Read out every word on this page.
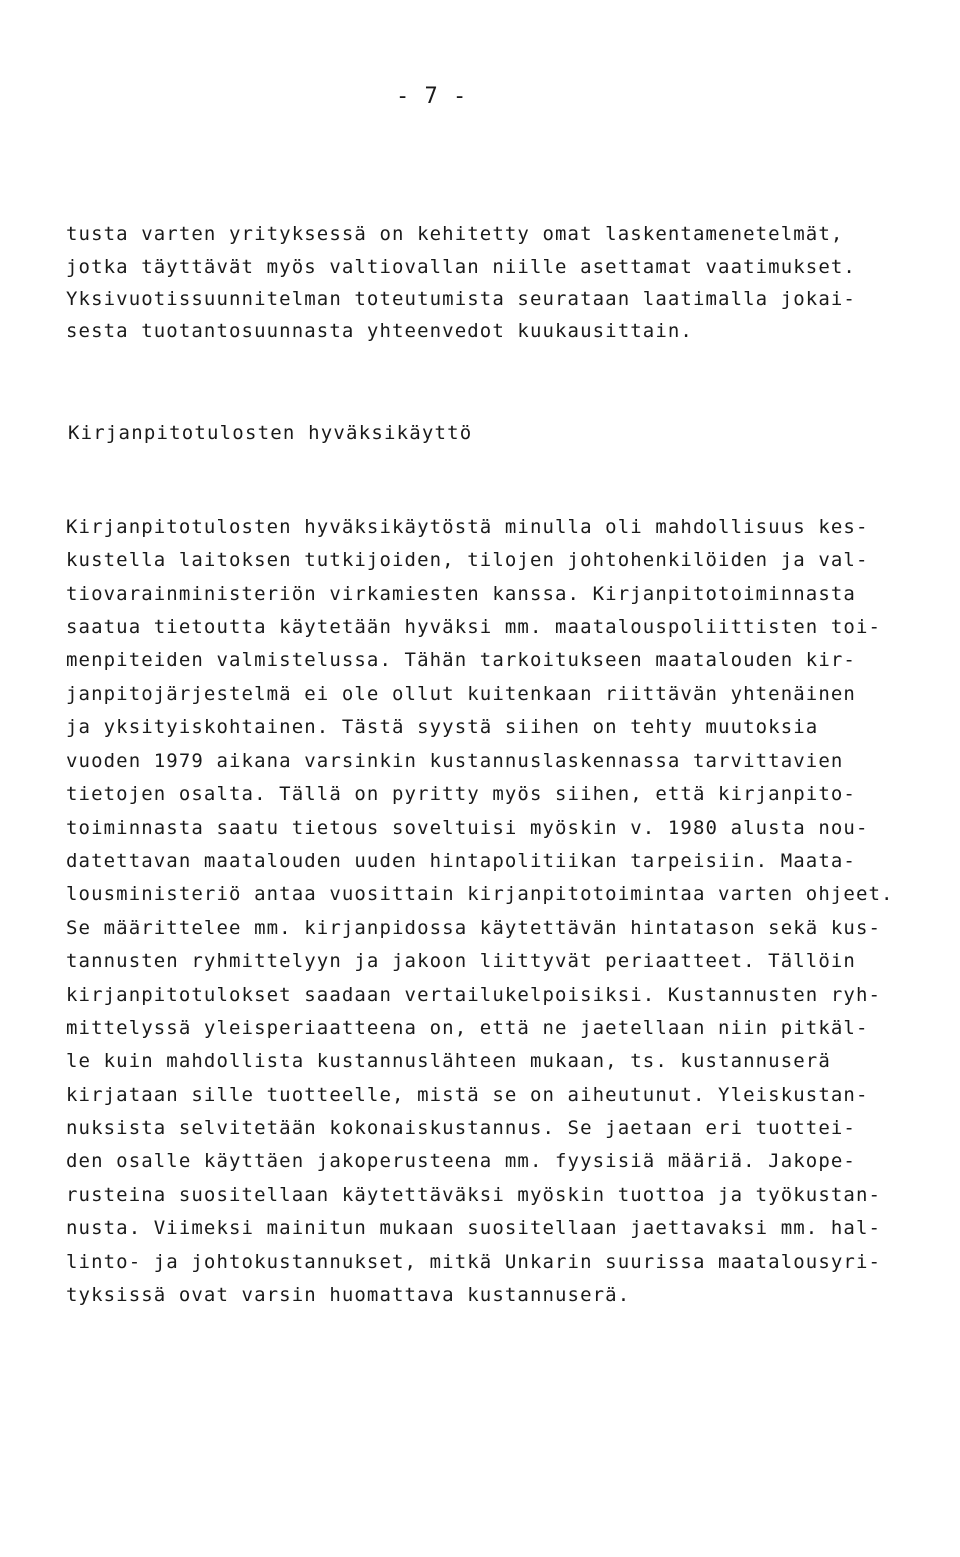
- 7 -
tusta varten yrityksessä on kehitetty omat laskentamenetelmät,
jotka täyttävät myös valtiovallan niille asettamat vaatimukset.
Yksivuotissuunnitelman toteutumista seurataan laatimalla jokai-
sesta tuotantosuunnasta yhteenvedot kuukausittain.
Kirjanpitotulosten hyväksikäyttö
Kirjanpitotulosten hyväksikäytöstä minulla oli mahdollisuus kes-
kustella laitoksen tutkijoiden, tilojen johtohenkilöiden ja val-
tiovarainministeriön virkamiesten kanssa. Kirjanpitotoiminnasta
saatua tietoutta käytetään hyväksi mm. maatalouspoliittisten toi-
menpiteiden valmistelussa. Tähän tarkoitukseen maatalouden kir-
janpitojärjestelmä ei ole ollut kuitenkaan riittävän yhtenäinen
ja yksityiskohtainen. Tästä syystä siihen on tehty muutoksia
vuoden 1979 aikana varsinkin kustannuslaskennassa tarvittavien
tietojen osalta. Tällä on pyritty myös siihen, että kirjanpito-
toiminnasta saatu tietous soveltuisi myöskin v. 1980 alusta nou-
datettavan maatalouden uuden hintapolitiikan tarpeisiin. Maata-
lousministeriö antaa vuosittain kirjanpitotoimintaa varten ohjeet.
Se määrittelee mm. kirjanpidossa käytettävän hintatason sekä kus-
tannusten ryhmittelyyn ja jakoon liittyvät periaatteet. Tällöin
kirjanpitotulokset saadaan vertailukelpoisiksi. Kustannusten ryh-
mittelyssä yleisperiaatteena on, että ne jaetellaan niin pitkäl-
le kuin mahdollista kustannuslähteen mukaan, ts. kustannuserä
kirjataan sille tuotteelle, mistä se on aiheutunut. Yleiskustan-
nuksista selvitetään kokonaiskustannus. Se jaetaan eri tuottei-
den osalle käyttäen jakoperusteena mm. fyysisiä määriä. Jakope-
rusteina suositellaan käytettäväksi myöskin tuottoa ja työkustan-
nusta. Viimeksi mainitun mukaan suositellaan jaettavaksi mm. hal-
linto- ja johtokustannukset, mitkä Unkarin suurissa maatalousyri-
tyksissä ovat varsin huomattava kustannuserä.
